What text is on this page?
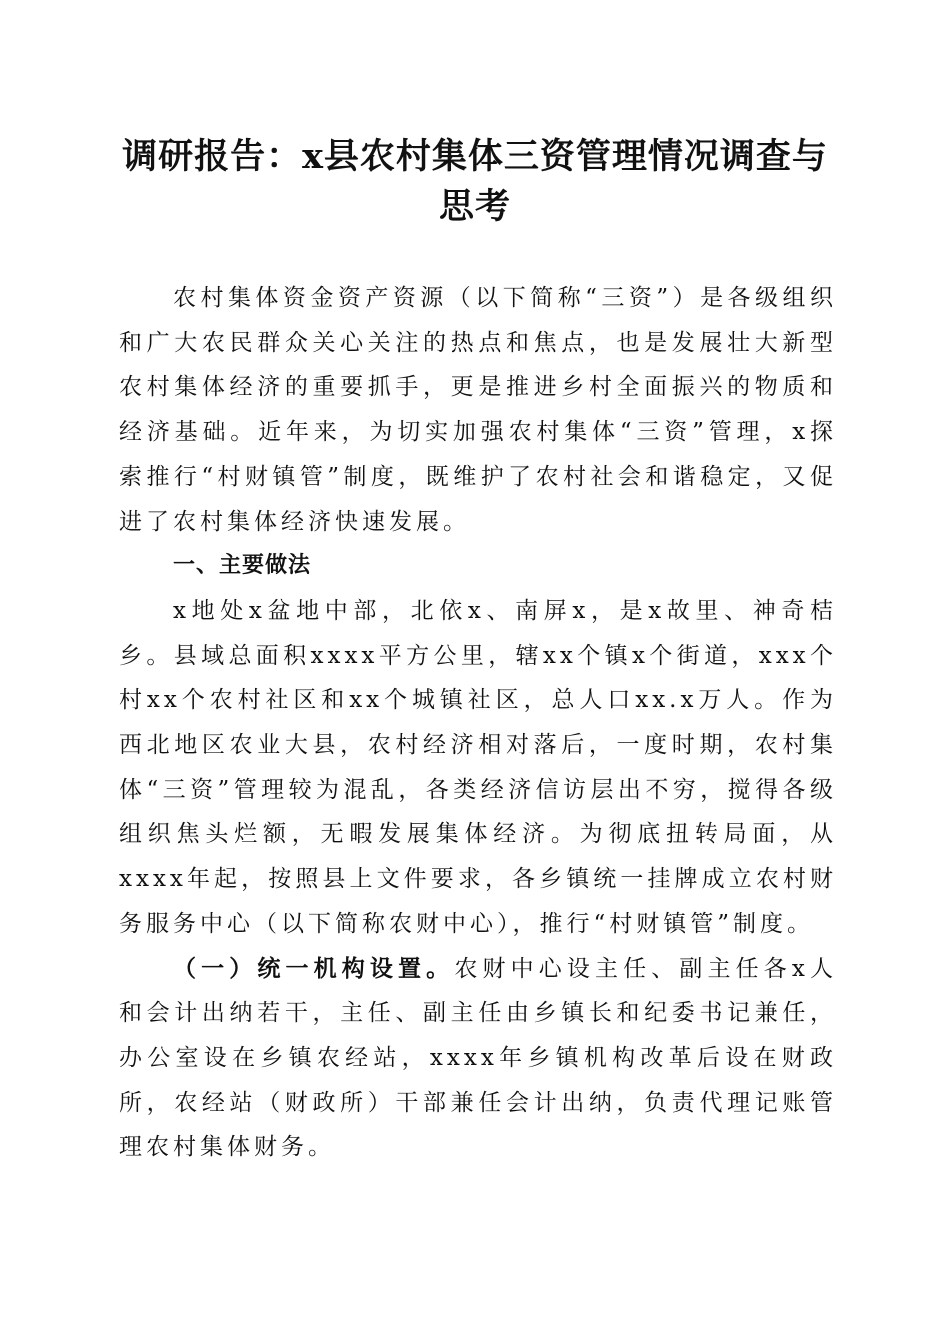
调研报告：x县农村集体三资管理情况调查与
思考

农村集体资金资产资源（以下简称“三资”）是各级组织和广大农民群众关心关注的热点和焦点，也是发展壮大新型农村集体经济的重要抓手，更是推进乡村全面振兴的物质和经济基础。近年来，为切实加强农村集体“三资”管理，x探索推行“村财镇管”制度，既维护了农村社会和谐稳定，又促进了农村集体经济快速发展。

一、主要做法

x地处x盆地中部，北依x、南屏x，是x故里、神奇桔乡。县域总面积xxxx平方公里，辖xx个镇x个街道，xxx个村xx个农村社区和xx个城镇社区，总人口xx.x万人。作为西北地区农业大县，农村经济相对落后，一度时期，农村集体“三资”管理较为混乱，各类经济信访层出不穷，搅得各级组织焦头烂额，无暇发展集体经济。为彻底扭转局面，从xxxx年起，按照县上文件要求，各乡镇统一挂牌成立农村财务服务中心（以下简称农财中心），推行“村财镇管”制度。

（一）统一机构设置。农财中心设主任、副主任各x人和会计出纳若干，主任、副主任由乡镇长和纪委书记兼任，办公室设在乡镇农经站，xxxx年乡镇机构改革后设在财政所，农经站（财政所）干部兼任会计出纳，负责代理记账管理农村集体财务。
